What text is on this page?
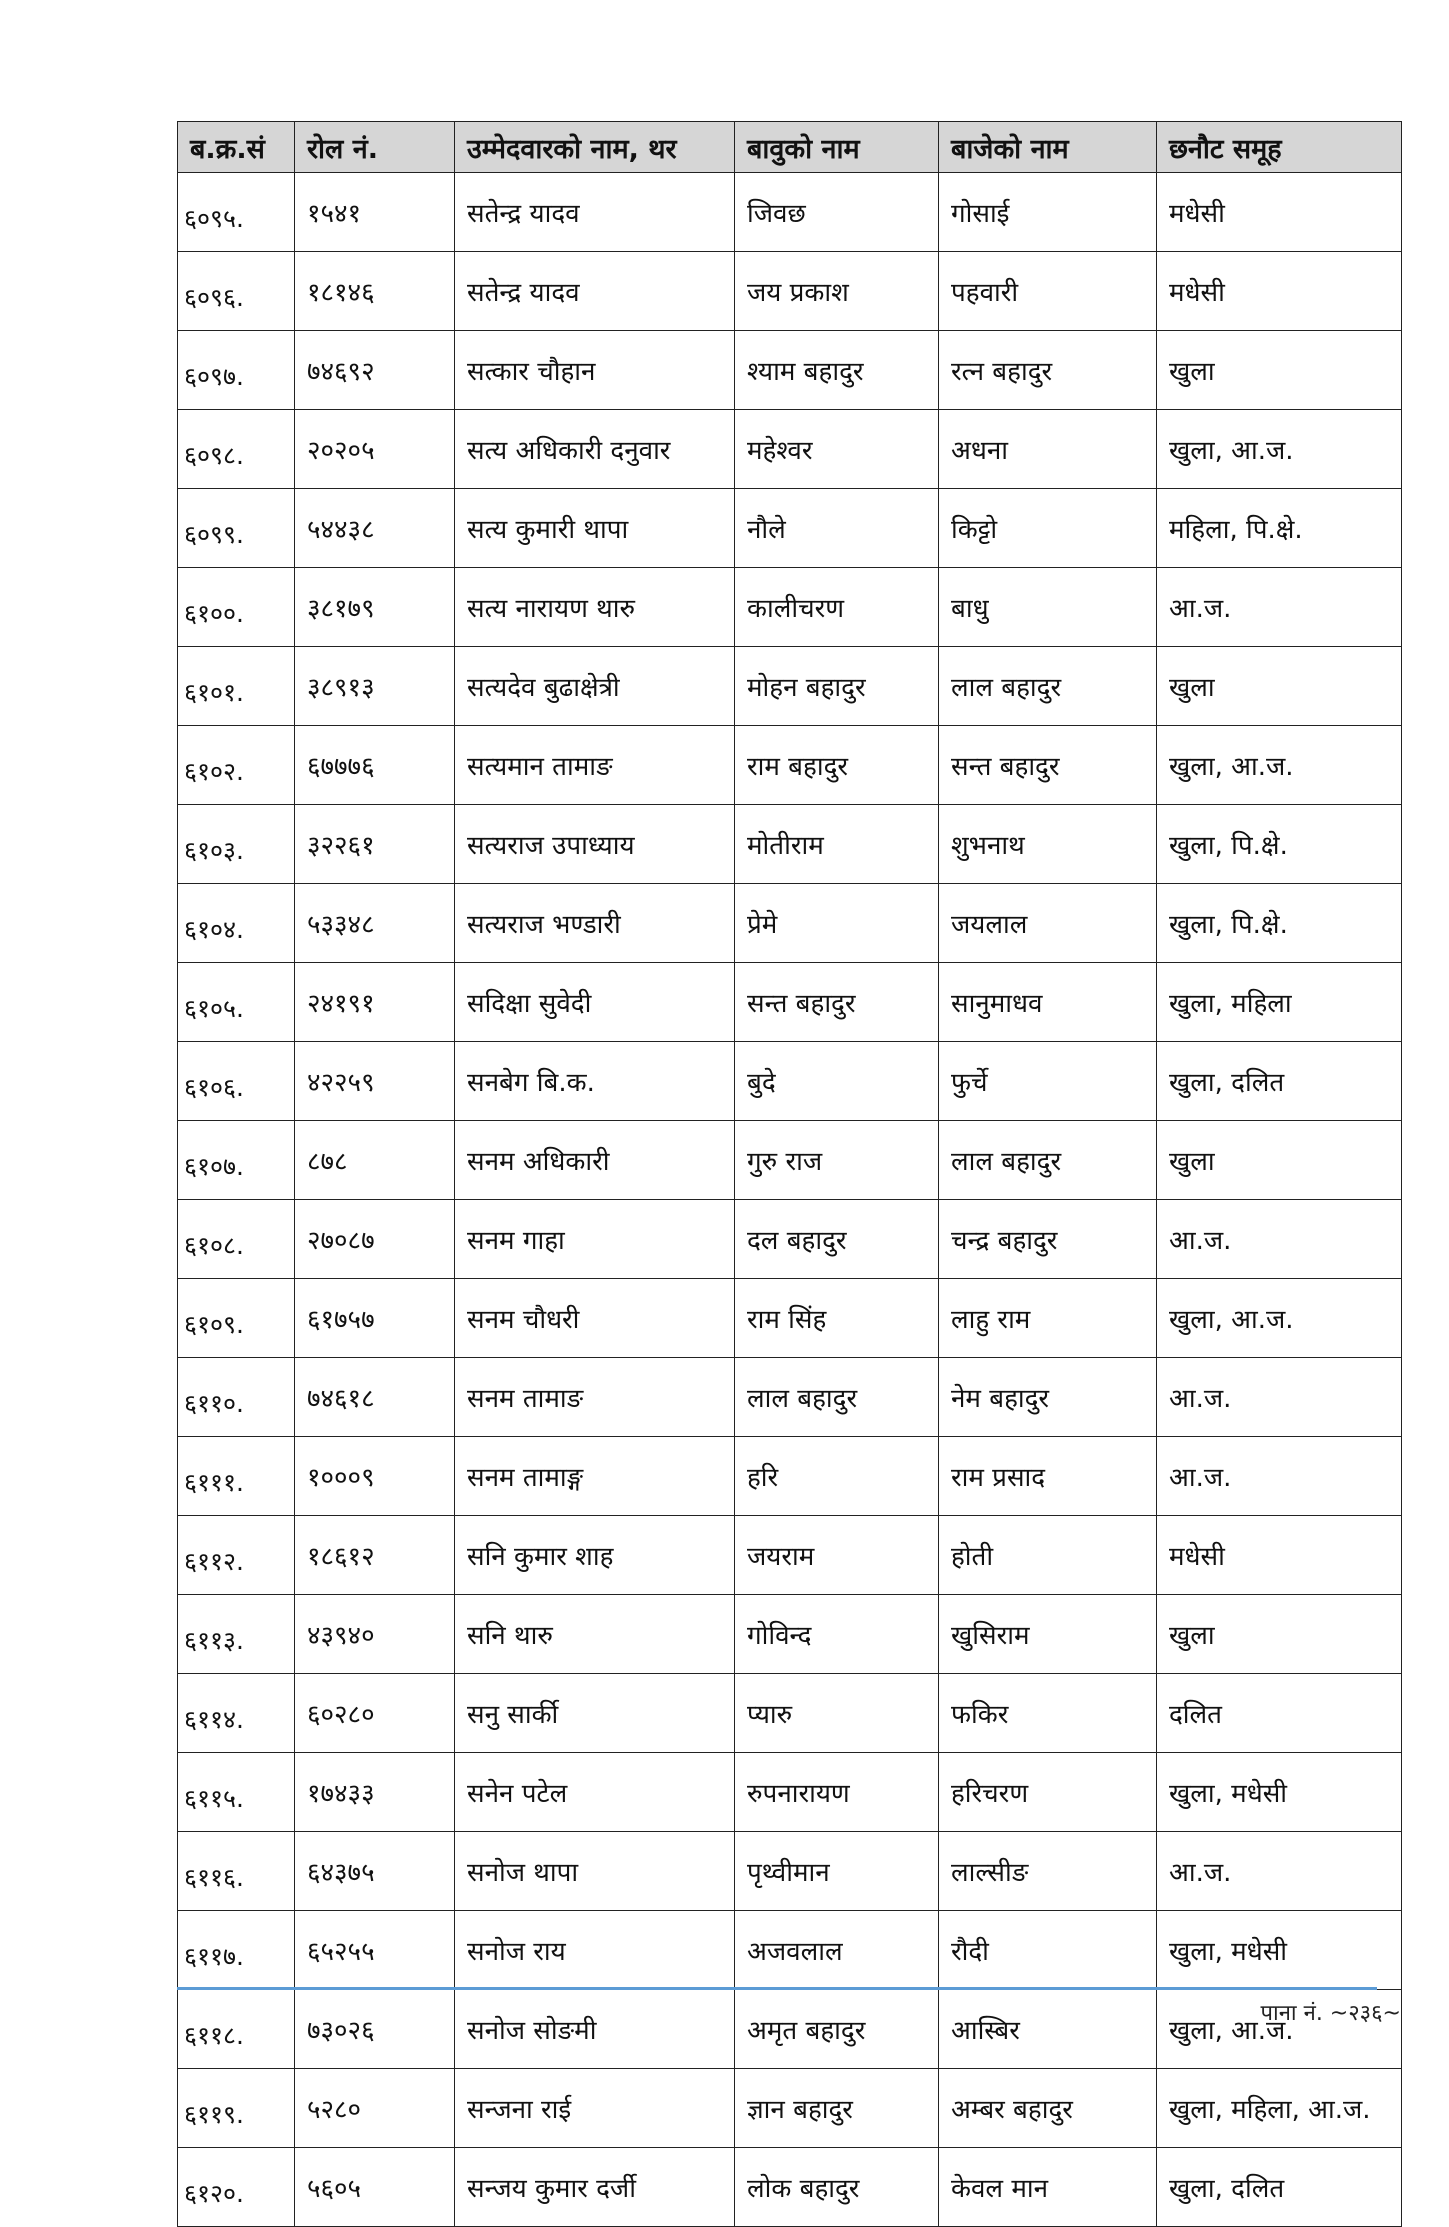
ब.क्र.सं	रोल नं.	उम्मेदवारको नाम, थर	बावुको नाम	बाजेको नाम	छनौट समूह
६०९५.	१५४१	सतेन्द्र यादव	जिवछ	गोसाई	मधेसी
६०९६.	१८१४६	सतेन्द्र यादव	जय प्रकाश	पहवारी	मधेसी
६०९७.	७४६९२	सत्कार चौहान	श्याम बहादुर	रत्न बहादुर	खुला
६०९८.	२०२०५	सत्य अधिकारी दनुवार	महेश्वर	अधना	खुला, आ.ज.
६०९९.	५४४३८	सत्य कुमारी थापा	नौले	किट्टो	महिला, पि.क्षे.
६१००.	३८१७९	सत्य नारायण थारु	कालीचरण	बाधु	आ.ज.
६१०१.	३८९१३	सत्यदेव बुढाक्षेत्री	मोहन बहादुर	लाल बहादुर	खुला
६१०२.	६७७७६	सत्यमान तामाङ	राम बहादुर	सन्त बहादुर	खुला, आ.ज.
६१०३.	३२२६१	सत्यराज उपाध्याय	मोतीराम	शुभनाथ	खुला, पि.क्षे.
६१०४.	५३३४८	सत्यराज भण्डारी	प्रेमे	जयलाल	खुला, पि.क्षे.
६१०५.	२४१९१	सदिक्षा सुवेदी	सन्त बहादुर	सानुमाधव	खुला, महिला
६१०६.	४२२५९	सनबेग बि.क.	बुदे	फुर्चे	खुला, दलित
६१०७.	८७८	सनम अधिकारी	गुरु राज	लाल बहादुर	खुला
६१०८.	२७०८७	सनम गाहा	दल बहादुर	चन्द्र बहादुर	आ.ज.
६१०९.	६१७५७	सनम चौधरी	राम सिंह	लाहु राम	खुला, आ.ज.
६११०.	७४६१८	सनम तामाङ	लाल बहादुर	नेम बहादुर	आ.ज.
६१११.	१०००९	सनम तामाङ्ग	हरि	राम प्रसाद	आ.ज.
६११२.	१८६१२	सनि कुमार शाह	जयराम	होती	मधेसी
६११३.	४३९४०	सनि थारु	गोविन्द	खुसिराम	खुला
६११४.	६०२८०	सनु सार्की	प्यारु	फकिर	दलित
६११५.	१७४३३	सनेन पटेल	रुपनारायण	हरिचरण	खुला, मधेसी
६११६.	६४३७५	सनोज थापा	पृथ्वीमान	लाल्सीङ	आ.ज.
६११७.	६५२५५	सनोज राय	अजवलाल	रौदी	खुला, मधेसी
६११८.	७३०२६	सनोज सोङमी	अमृत बहादुर	आस्बिर	खुला, आ.ज.
६११९.	५२८०	सन्जना राई	ज्ञान बहादुर	अम्बर बहादुर	खुला, महिला, आ.ज.
६१२०.	५६०५	सन्जय कुमार दर्जी	लोक बहादुर	केवल मान	खुला, दलित
पाना नं. ~२३६~
